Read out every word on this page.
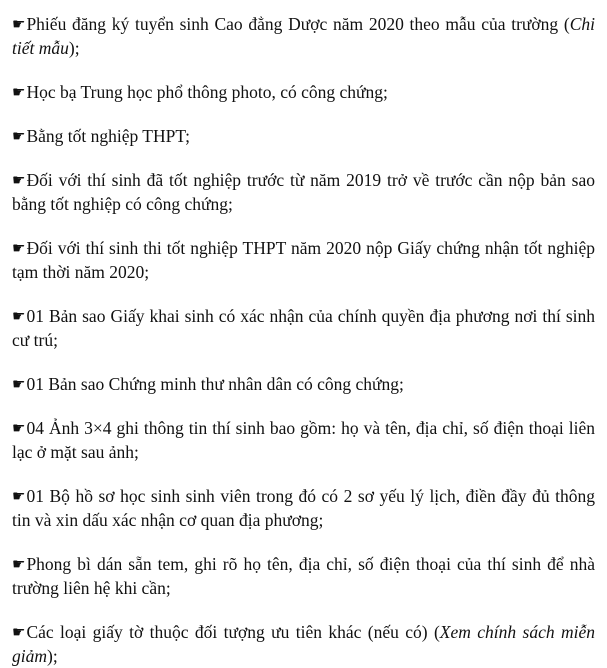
☛Phiếu đăng ký tuyển sinh Cao đẳng Dược năm 2020 theo mẫu của trường (Chi tiết mẫu);

☛Học bạ Trung học phổ thông photo, có công chứng;

☛Bằng tốt nghiệp THPT;

☛Đối với thí sinh đã tốt nghiệp trước từ năm 2019 trở về trước cần nộp bản sao bằng tốt nghiệp có công chứng;

☛Đối với thí sinh thi tốt nghiệp THPT năm 2020 nộp Giấy chứng nhận tốt nghiệp tạm thời năm 2020;

☛01 Bản sao Giấy khai sinh có xác nhận của chính quyền địa phương nơi thí sinh cư trú;

☛01 Bản sao Chứng minh thư nhân dân có công chứng;

☛04 Ảnh 3×4 ghi thông tin thí sinh bao gồm: họ và tên, địa chỉ, số điện thoại liên lạc ở mặt sau ảnh;

☛01 Bộ hồ sơ học sinh sinh viên trong đó có 2 sơ yếu lý lịch, điền đầy đủ thông tin và xin dấu xác nhận cơ quan địa phương;

☛Phong bì dán sẵn tem, ghi rõ họ tên, địa chỉ, số điện thoại của thí sinh để nhà trường liên hệ khi cần;

☛Các loại giấy tờ thuộc đối tượng ưu tiên khác (nếu có) (Xem chính sách miễn giảm);
